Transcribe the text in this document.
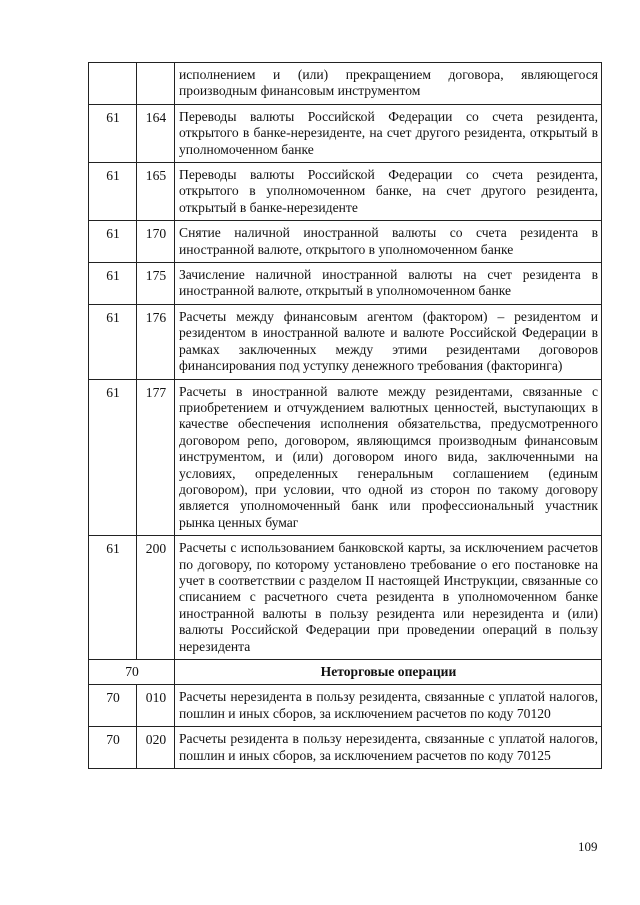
		исполнением и (или) прекращением договора, являющегося производным финансовым инструментом
61	164	Переводы валюты Российской Федерации со счета резидента, открытого в банке-нерезиденте, на счет другого резидента, открытый в уполномоченном банке
61	165	Переводы валюты Российской Федерации со счета резидента, открытого в уполномоченном банке, на счет другого резидента, открытый в банке-нерезиденте
61	170	Снятие наличной иностранной валюты со счета резидента в иностранной валюте, открытого в уполномоченном банке
61	175	Зачисление наличной иностранной валюты на счет резидента в иностранной валюте, открытый в уполномоченном банке
61	176	Расчеты между финансовым агентом (фактором) – резидентом и резидентом в иностранной валюте и валюте Российской Федерации в рамках заключенных между этими резидентами договоров финансирования под уступку денежного требования (факторинга)
61	177	Расчеты в иностранной валюте между резидентами, связанные с приобретением и отчуждением валютных ценностей, выступающих в качестве обеспечения исполнения обязательства, предусмотренного договором репо, договором, являющимся производным финансовым инструментом, и (или) договором иного вида, заключенными на условиях, определенных генеральным соглашением (единым договором), при условии, что одной из сторон по такому договору является уполномоченный банк или профессиональный участник рынка ценных бумаг
61	200	Расчеты с использованием банковской карты, за исключением расчетов по договору, по которому установлено требование о его постановке на учет в соответствии с разделом II настоящей Инструкции, связанные со списанием с расчетного счета резидента в уполномоченном банке иностранной валюты в пользу резидента или нерезидента и (или) валюты Российской Федерации при проведении операций в пользу нерезидента
70		Неторговые операции
70	010	Расчеты нерезидента в пользу резидента, связанные с уплатой налогов, пошлин и иных сборов, за исключением расчетов по коду 70120
70	020	Расчеты резидента в пользу нерезидента, связанные с уплатой налогов, пошлин и иных сборов, за исключением расчетов по коду 70125
109
